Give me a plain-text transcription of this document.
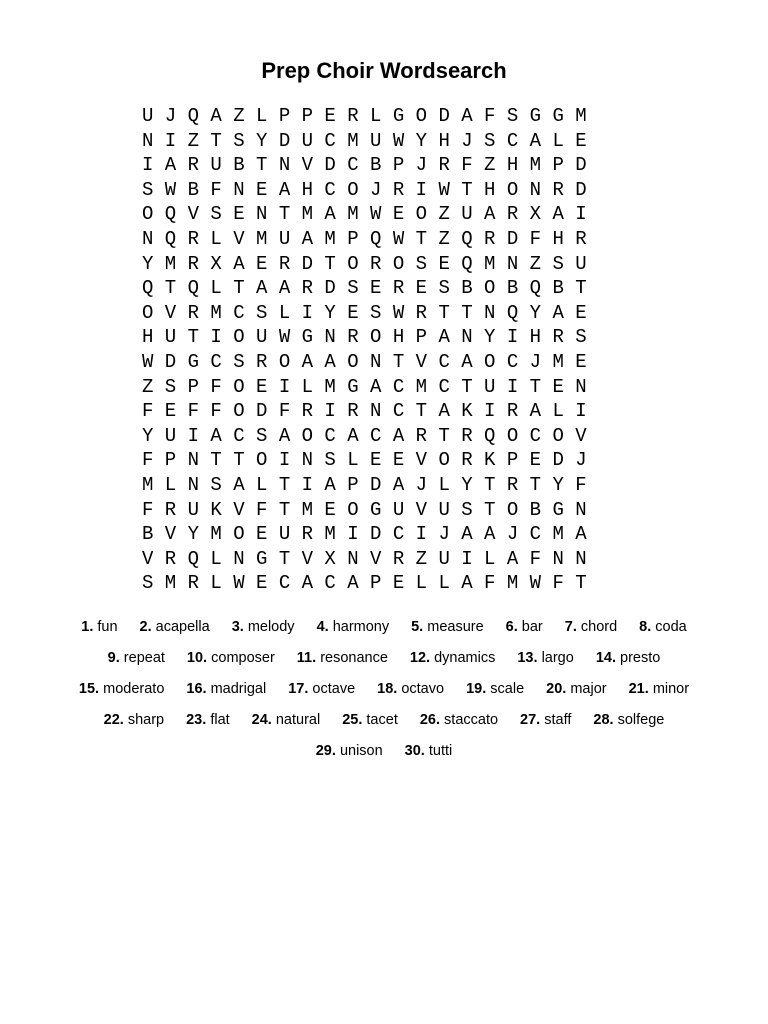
Prep Choir Wordsearch
U J Q A Z L P P E R L G O D A F S G G M
N I Z T S Y D U C M U W Y H J S C A L E
I A R U B T N V D C B P J R F Z H M P D
S W B F N E A H C O J R I W T H O N R D
O Q V S E N T M A M W E O Z U A R X A I
N Q R L V M U A M P Q W T Z Q R D F H R
Y M R X A E R D T O R O S E Q M N Z S U
Q T Q L T A A R D S E R E S B O B Q B T
O V R M C S L I Y E S W R T T N Q Y A E
H U T I O U W G N R O H P A N Y I H R S
W D G C S R O A A O N T V C A O C J M E
Z S P F O E I L M G A C M C T U I T E N
F E F F O D F R I R N C T A K I R A L I
Y U I A C S A O C A C A R T R Q O C O V
F P N T T O I N S L E E V O R K P E D J
M L N S A L T I A P D A J L Y T R T Y F
F R U K V F T M E O G U V U S T O B G N
B V Y M O E U R M I D C I J A A J C M A
V R Q L N G T V X N V R Z U I L A F N N
S M R L W E C A C A P E L L A F M W F T
1. fun 2. acapella 3. melody 4. harmony 5. measure 6. bar 7. chord 8. coda
9. repeat 10. composer 11. resonance 12. dynamics 13. largo 14. presto
15. moderato 16. madrigal 17. octave 18. octavo 19. scale 20. major 21. minor
22. sharp 23. flat 24. natural 25. tacet 26. staccato 27. staff 28. solfege
29. unison 30. tutti
